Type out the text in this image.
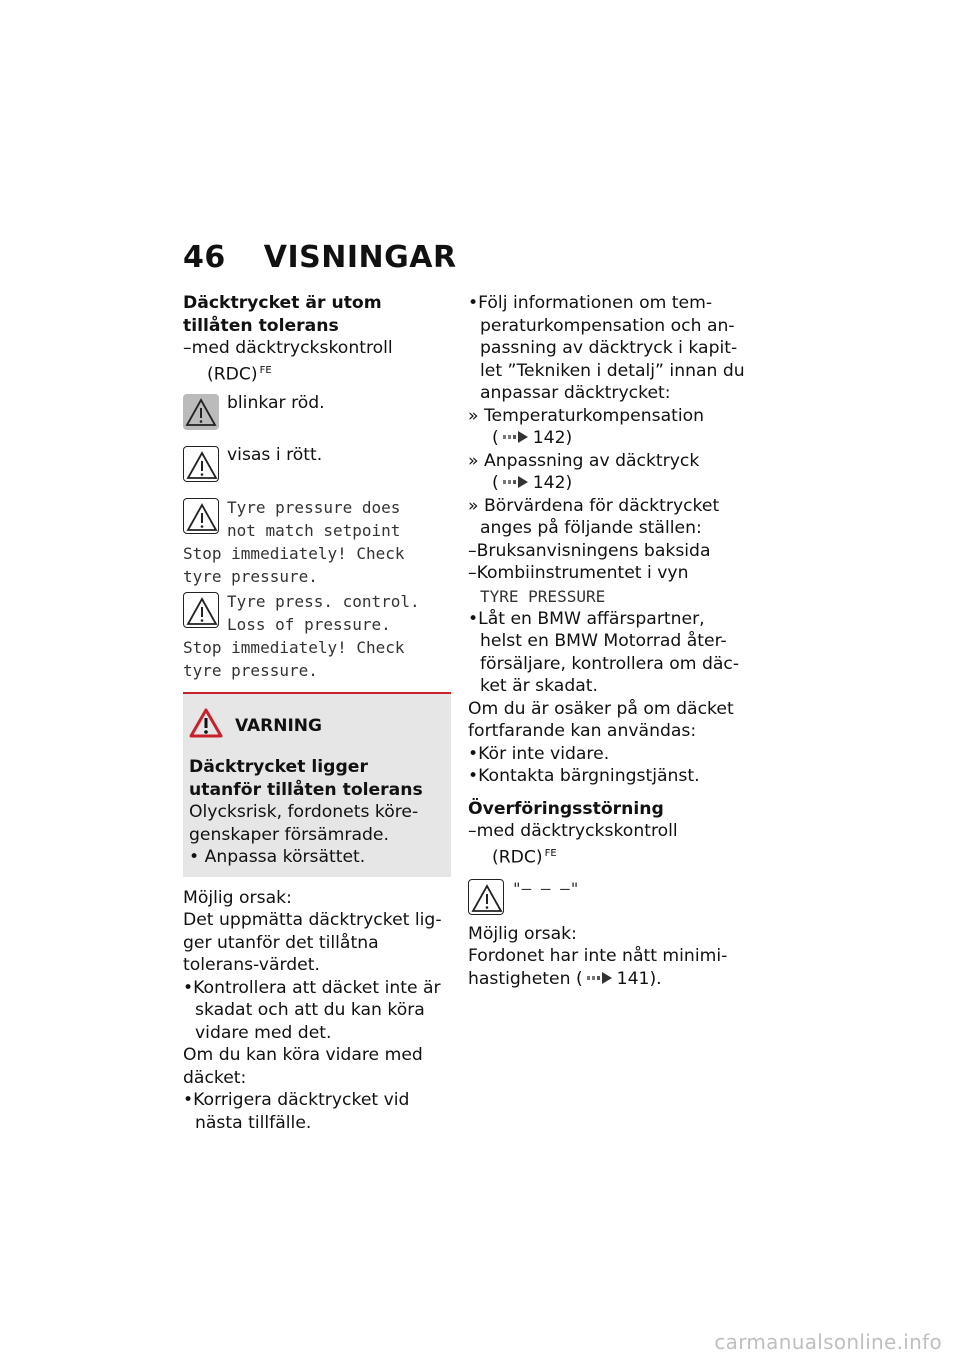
46 VISNINGAR

Däcktrycket är utom tillåten tolerans

–med däcktryckskontroll

(RDC) $^{FE}$

blinkar röd.
visas i rött.
Tyre pressure does
not match setpoint
Stop immediately! Check
tyre pressure.
Tyre press. control.
Loss of pressure.
Stop immediately! Check
tyre pressure.
VARNING

Däcktrycket ligger utanför tillåten tolerans

Olycksrisk, fordonets köre-genskaper försämrade.

• Anpassa körsättet.

Möjlig orsak:

Det uppmätta däcktrycket lig-ger utanför det tillåtna tolerans-värdet.

•Kontrollera att däcket inte är skadat och att du kan köra vidare med det.

Om du kan köra vidare med däcket:

•Korrigera däcktrycket vid nästa tillfälle.

•Följ informationen om tem-peraturkompensation och an-passning av däcktryck i kapit-let ”Tekniken i detalj” innan du anpassar däcktrycket:

» Temperaturkompensation

( 142)

» Anpassning av däcktryck

( 142)

» Börvärdena för däcktrycket anges på följande ställen:

–Bruksanvisningens baksida

–Kombiinstrumentet i vyn

TYRE PRESSURE

•Låt en BMW affärspartner, helst en BMW Motorrad åter-försäljare, kontrollera om däc-ket är skadat.

Om du är osäker på om däcket fortfarande kan användas:

•Kör inte vidare.

•Kontakta bärgningstjänst.

Överföringsstörning

–med däcktryckskontroll

(RDC) $^{FE}$

"– – –"

Möjlig orsak:

Fordonet har inte nått minimi-hastigheten ( 141).

carmanualsonline.info
